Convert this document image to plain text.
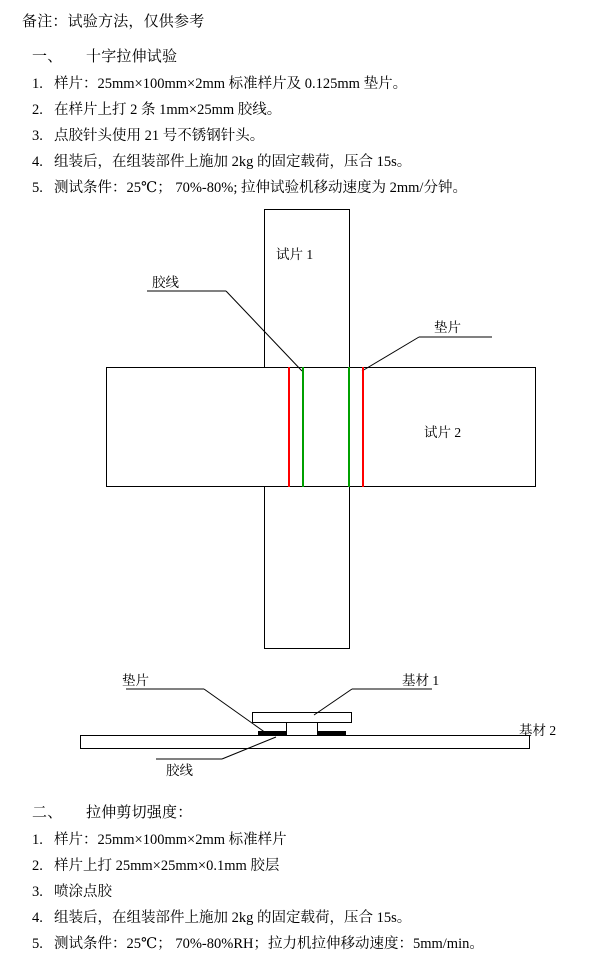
备注：试验方法，仅供参考
一、 十字拉伸试验
1. 样片：25mm×100mm×2mm 标准样片及 0.125mm 垫片。
2. 在样片上打 2 条 1mm×25mm 胶线。
3. 点胶针头使用 21 号不锈钢针头。
4. 组装后，在组装部件上施加 2kg 的固定载荷，压合 15s。
5. 测试条件：25℃； 70%-80%; 拉伸试验机移动速度为 2mm/分钟。
试片 1
试片 2
胶线
垫片
垫片	基材 1
基材 2
胶线
二、 拉伸剪切强度：
1. 样片：25mm×100mm×2mm 标准样片
2. 样片上打 25mm×25mm×0.1mm 胶层
3. 喷涂点胶
4. 组装后，在组装部件上施加 2kg 的固定载荷，压合 15s。
5. 测试条件：25℃； 70%-80%RH；拉力机拉伸移动速度：5mm/min。
